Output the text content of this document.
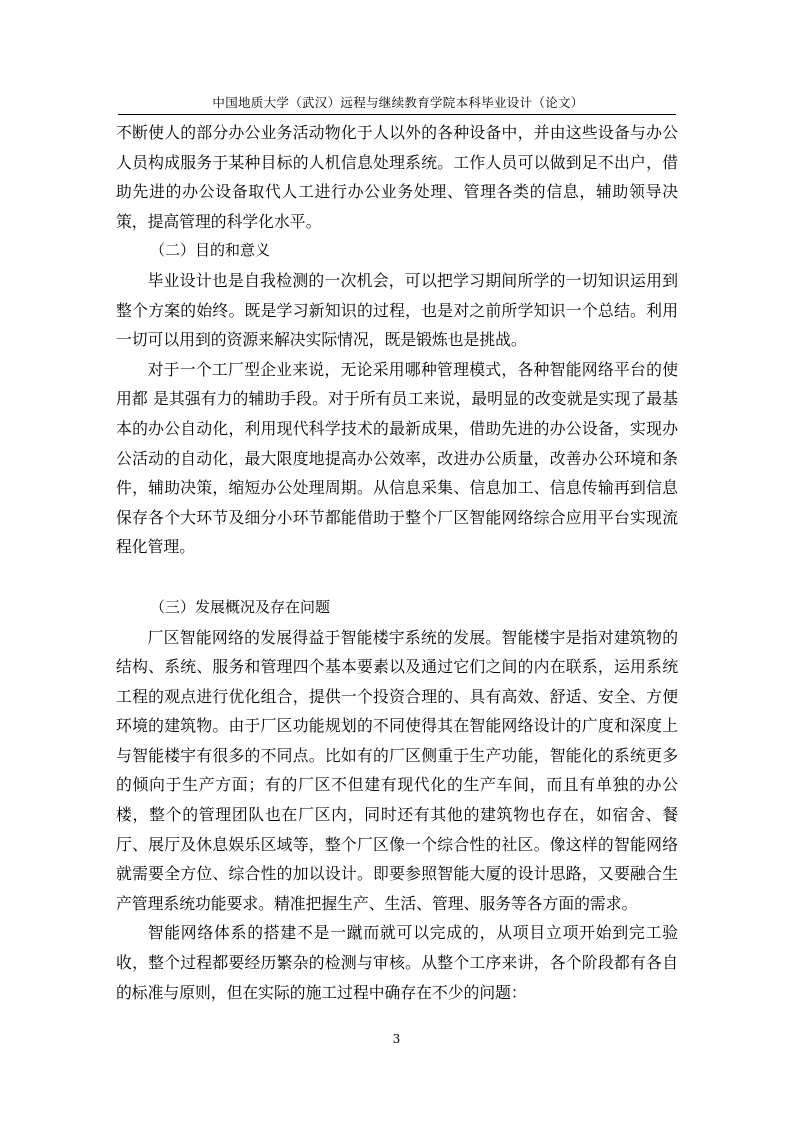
中国地质大学（武汉）远程与继续教育学院本科毕业设计（论文）

不断使人的部分办公业务活动物化于人以外的各种设备中，并由这些设备与办公人员构成服务于某种目标的人机信息处理系统。工作人员可以做到足不出户，借助先进的办公设备取代人工进行办公业务处理、管理各类的信息，辅助领导决策，提高管理的科学化水平。

（二）目的和意义

毕业设计也是自我检测的一次机会，可以把学习期间所学的一切知识运用到整个方案的始终。既是学习新知识的过程，也是对之前所学知识一个总结。利用一切可以用到的资源来解决实际情况，既是锻炼也是挑战。

对于一个工厂型企业来说，无论采用哪种管理模式，各种智能网络平台的使用都 是其强有力的辅助手段。对于所有员工来说，最明显的改变就是实现了最基本的办公自动化，利用现代科学技术的最新成果，借助先进的办公设备，实现办公活动的自动化，最大限度地提高办公效率，改进办公质量，改善办公环境和条件，辅助决策，缩短办公处理周期。从信息采集、信息加工、信息传输再到信息保存各个大环节及细分小环节都能借助于整个厂区智能网络综合应用平台实现流程化管理。

（三）发展概况及存在问题

厂区智能网络的发展得益于智能楼宇系统的发展。智能楼宇是指对建筑物的结构、系统、服务和管理四个基本要素以及通过它们之间的内在联系，运用系统工程的观点进行优化组合，提供一个投资合理的、具有高效、舒适、安全、方便环境的建筑物。由于厂区功能规划的不同使得其在智能网络设计的广度和深度上与智能楼宇有很多的不同点。比如有的厂区侧重于生产功能，智能化的系统更多的倾向于生产方面；有的厂区不但建有现代化的生产车间，而且有单独的办公楼，整个的管理团队也在厂区内，同时还有其他的建筑物也存在，如宿舍、餐厅、展厅及休息娱乐区域等，整个厂区像一个综合性的社区。像这样的智能网络就需要全方位、综合性的加以设计。即要参照智能大厦的设计思路，又要融合生产管理系统功能要求。精准把握生产、生活、管理、服务等各方面的需求。

智能网络体系的搭建不是一蹴而就可以完成的，从项目立项开始到完工验收，整个过程都要经历繁杂的检测与审核。从整个工序来讲，各个阶段都有各自的标准与原则，但在实际的施工过程中确存在不少的问题：

3
